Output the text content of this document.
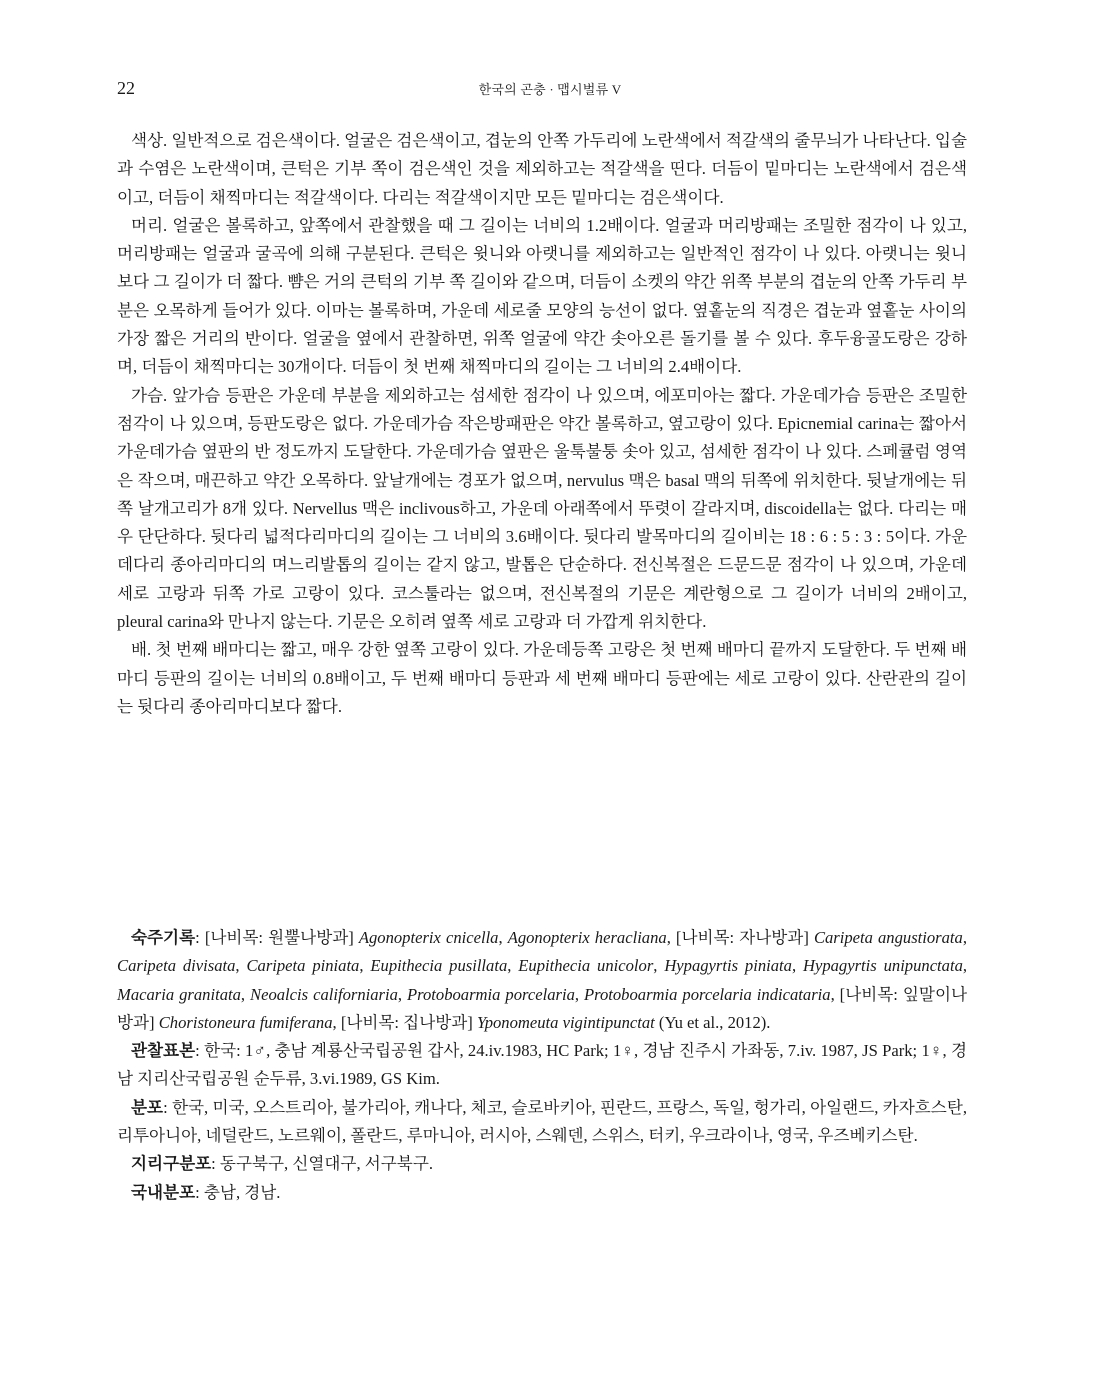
22	한국의 곤충 · 맵시벌류 V

색상. 일반적으로 검은색이다. 얼굴은 검은색이고, 겹눈의 안쪽 가두리에 노란색에서 적갈색의 줄무늬가 나타난다. 입술과 수염은 노란색이며, 큰턱은 기부 쪽이 검은색인 것을 제외하고는 적갈색을 띤다. 더듬이 밑마디는 노란색에서 검은색이고, 더듬이 채찍마디는 적갈색이다. 다리는 적갈색이지만 모든 밑마디는 검은색이다.

머리. 얼굴은 볼록하고, 앞쪽에서 관찰했을 때 그 길이는 너비의 1.2배이다. 얼굴과 머리방패는 조밀한 점각이 나 있고, 머리방패는 얼굴과 굴곡에 의해 구분된다. 큰턱은 윗니와 아랫니를 제외하고는 일반적인 점각이 나 있다. 아랫니는 윗니보다 그 길이가 더 짧다. 뺨은 거의 큰턱의 기부 쪽 길이와 같으며, 더듬이 소켓의 약간 위쪽 부분의 겹눈의 안쪽 가두리 부분은 오목하게 들어가 있다. 이마는 볼록하며, 가운데 세로줄 모양의 능선이 없다. 옆홑눈의 직경은 겹눈과 옆홑눈 사이의 가장 짧은 거리의 반이다. 얼굴을 옆에서 관찰하면, 위쪽 얼굴에 약간 솟아오른 돌기를 볼 수 있다. 후두융골도랑은 강하며, 더듬이 채찍마디는 30개이다. 더듬이 첫 번째 채찍마디의 길이는 그 너비의 2.4배이다.

가슴. 앞가슴 등판은 가운데 부분을 제외하고는 섬세한 점각이 나 있으며, 에포미아는 짧다. 가운데가슴 등판은 조밀한 점각이 나 있으며, 등판도랑은 없다. 가운데가슴 작은방패판은 약간 볼록하고, 옆고랑이 있다. Epicnemial carina는 짧아서 가운데가슴 옆판의 반 정도까지 도달한다. 가운데가슴 옆판은 울툭불퉁 솟아 있고, 섬세한 점각이 나 있다. 스페큘럼 영역은 작으며, 매끈하고 약간 오목하다. 앞날개에는 경포가 없으며, nervulus 맥은 basal 맥의 뒤쪽에 위치한다. 뒷날개에는 뒤쪽 날개고리가 8개 있다. Nervellus 맥은 inclivous하고, 가운데 아래쪽에서 뚜렷이 갈라지며, discoidella는 없다. 다리는 매우 단단하다. 뒷다리 넓적다리마디의 길이는 그 너비의 3.6배이다. 뒷다리 발목마디의 길이비는 18 : 6 : 5 : 3 : 5이다. 가운데다리 종아리마디의 며느리발톱의 길이는 같지 않고, 발톱은 단순하다. 전신복절은 드문드문 점각이 나 있으며, 가운데 세로 고랑과 뒤쪽 가로 고랑이 있다. 코스툴라는 없으며, 전신복절의 기문은 계란형으로 그 길이가 너비의 2배이고, pleural carina와 만나지 않는다. 기문은 오히려 옆쪽 세로 고랑과 더 가깝게 위치한다.

배. 첫 번째 배마디는 짧고, 매우 강한 옆쪽 고랑이 있다. 가운데등쪽 고랑은 첫 번째 배마디 끝까지 도달한다. 두 번째 배마디 등판의 길이는 너비의 0.8배이고, 두 번째 배마디 등판과 세 번째 배마디 등판에는 세로 고랑이 있다. 산란관의 길이는 뒷다리 종아리마디보다 짧다.

숙주기록: [나비목: 원뿔나방과] Agonopterix cnicella, Agonopterix heracliana, [나비목: 자나방과] Caripeta angustiorata, Caripeta divisata, Caripeta piniata, Eupithecia pusillata, Eupithecia unicolor, Hypagyrtis piniata, Hypagyrtis unipunctata, Macaria granitata, Neoalcis californiaria, Protoboarmia porcelaria, Protoboarmia porcelaria indicataria, [나비목: 잎말이나방과] Choristoneura fumiferana, [나비목: 집나방과] Yponomeuta vigintipunctat (Yu et al., 2012).

관찰표본: 한국: 1♂, 충남 계룡산국립공원 갑사, 24.iv.1983, HC Park; 1♀, 경남 진주시 가좌동, 7.iv. 1987, JS Park; 1♀, 경남 지리산국립공원 순두류, 3.vi.1989, GS Kim.

분포: 한국, 미국, 오스트리아, 불가리아, 캐나다, 체코, 슬로바키아, 핀란드, 프랑스, 독일, 헝가리, 아일랜드, 카자흐스탄, 리투아니아, 네덜란드, 노르웨이, 폴란드, 루마니아, 러시아, 스웨덴, 스위스, 터키, 우크라이나, 영국, 우즈베키스탄.

지리구분포: 동구북구, 신열대구, 서구북구.

국내분포: 충남, 경남.
